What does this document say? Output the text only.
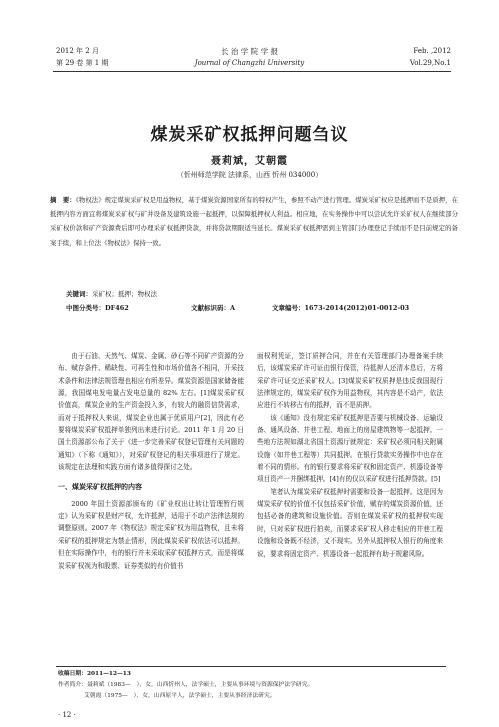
2012 年 2 月
第 29 卷 第 1 期
长 治 学 院 学 报
Journal of Changzhi University
Feb. ,2012
Vol.29,No.1
煤炭采矿权抵押问题刍议
聂莉斌，艾朝霞
（忻州师范学院 法律系，山西 忻州 034000）
摘　要：《物权法》规定煤炭采矿权是用益物权，基于煤炭资源国家所有的特权产生，参照不动产进行管理。煤炭采矿权应是抵押而不是质押，在抵押内容方面宜将煤炭采矿权与矿井设备及建筑设施一起抵押，以保障抵押权人利益。相应地，在实务操作中可以尝试允许采矿权人在继续部分采矿权价款和矿产资源费后即可办理采矿权抵押贷款，并将贷款期限适当延长。煤炭采矿权抵押需到主管部门办理登记手续而不是目前规定的备案手续，和上位法《物权法》保持一致。
关键词：采矿权；抵押；物权法
中图分类号：DF462	文献标识码：A	文章编号：1673-2014(2012)01-0012-03

由于石油、天然气、煤炭、金属、砂石等不同矿产资源的分布、赋存条件、稀缺性、可再生性和市场价值各不相同，开采技术条件和法律法规管理也相应有所差异。煤炭资源是国家储备能源，我国煤电发电量占发电总量的 82% 左右。[1]煤炭采矿权价值高，煤炭企业的生产资金投入多，有较大的融资信贷需求，而对于抵押权人来说，煤炭企业也属于优质用户[2]，因此有必要将煤炭采矿权抵押单独列出来进行讨论。2011 年 1 月 20 日国土资源部公布了关于《进一步完善采矿权登记管理有关问题的通知》（下称《通知》），对采矿权登记的相关事项进行了规定。该规定在法理和实践方面有诸多值得探讨之处。

一、煤炭采矿权抵押的内容

2000 年国土资源部颁布的《矿业权出让转让管理暂行规定》认为采矿权是财产权，允许抵押，适用于不动产法律法规的调整原则。2007 年《物权法》规定采矿权为用益物权，且未将采矿权的抵押规定为禁止情形，因此煤炭采矿权依法可以抵押。但在实际操作中，有的银行并未采取采矿权抵押方式，而是将煤炭采矿权视为和股票、证券类似的有价值书

面权利凭证，签订质押合同，并在有关管理部门办理备案手续后，该煤炭采矿许可证由银行保管，待抵押人还清本息后，方将采矿许可证交还采矿权人。[3]煤炭采矿权质押是违反我国现行法律规定的，煤炭采矿权作为用益物权，其内容是不动产，依法应进行不转移占有的抵押，而不是质押。

该《通知》没有规定采矿权抵押是否要与机械设备、运输设备、通风设备、井巷工程、地面上的房屋建筑物等一起抵押。一些地方法规如湖北省国土资源厅就规定：采矿权必须同相关附属设施（如井巷工程等）共同抵押。在银行贷款实务操作中也存在着不同的情形。有的银行要求将采矿权和固定资产、机器设备等项目资产一并捆绑抵押。[4]有的仅以采矿权进行抵押贷款。[5]

笔者认为煤炭采矿权抵押时需要和设备一起抵押。这是因为煤炭采矿权的价值不仅包括采矿价值，赋存的煤炭资源价值，还包括必备的建筑和设施价值。否则在煤炭采矿权的抵押权实现时，只对采矿权进行拍卖，而要求采矿权人移走相应的井巷工程设施和设备既不经济，又不现实。另外从抵押权人银行的角度来说，要求将固定资产、机器设备一起抵押有助于规避风险。

收稿日期：2011—12—13
作者简介：聂莉斌（1983—　），女，山西忻州人，法学硕士，主要从事环境与资源保护法学研究。
艾朝霞（1975—　），女，山西原平人，法学硕士，主要从事经济法研究。
· 12 ·
